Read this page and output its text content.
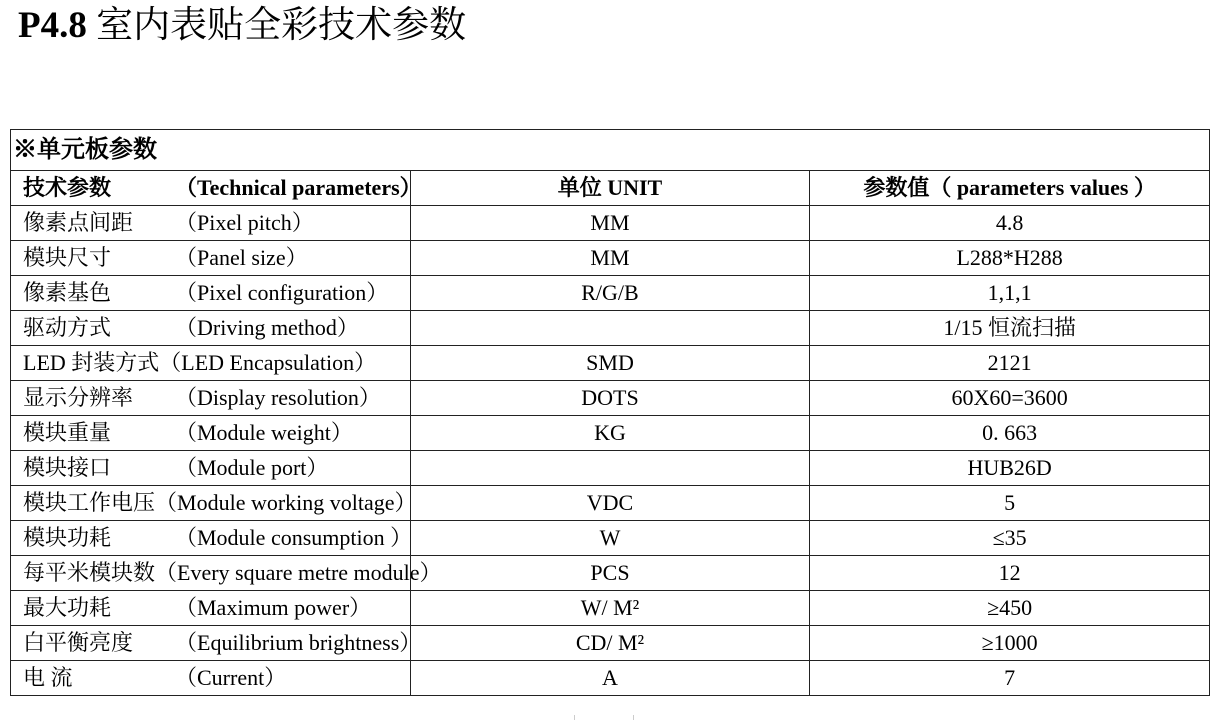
P4.8 室内表贴全彩技术参数
※单元板参数		
技术参数 （Technical parameters）	单位 UNIT	参数值（ parameters values ）
像素点间距 （Pixel pitch）	MM	4.8
模块尺寸 （Panel size）	MM	L288*H288
像素基色 （Pixel configuration）	R/G/B	1,1,1
驱动方式 （Driving method）		1/15 恒流扫描
LED 封装方式（LED Encapsulation）	SMD	2121
显示分辨率 （Display resolution）	DOTS	60X60=3600
模块重量 （Module weight）	KG	0. 663
模块接口 （Module port）		HUB26D
模块工作电压（Module working voltage）	VDC	5
模块功耗 （Module consumption ）	W	≤35
每平米模块数（Every square metre module）	PCS	12
最大功耗 （Maximum power）	W/ M²	≥450
白平衡亮度 （Equilibrium brightness）	CD/ M²	≥1000
电 流 （Current）	A	7
